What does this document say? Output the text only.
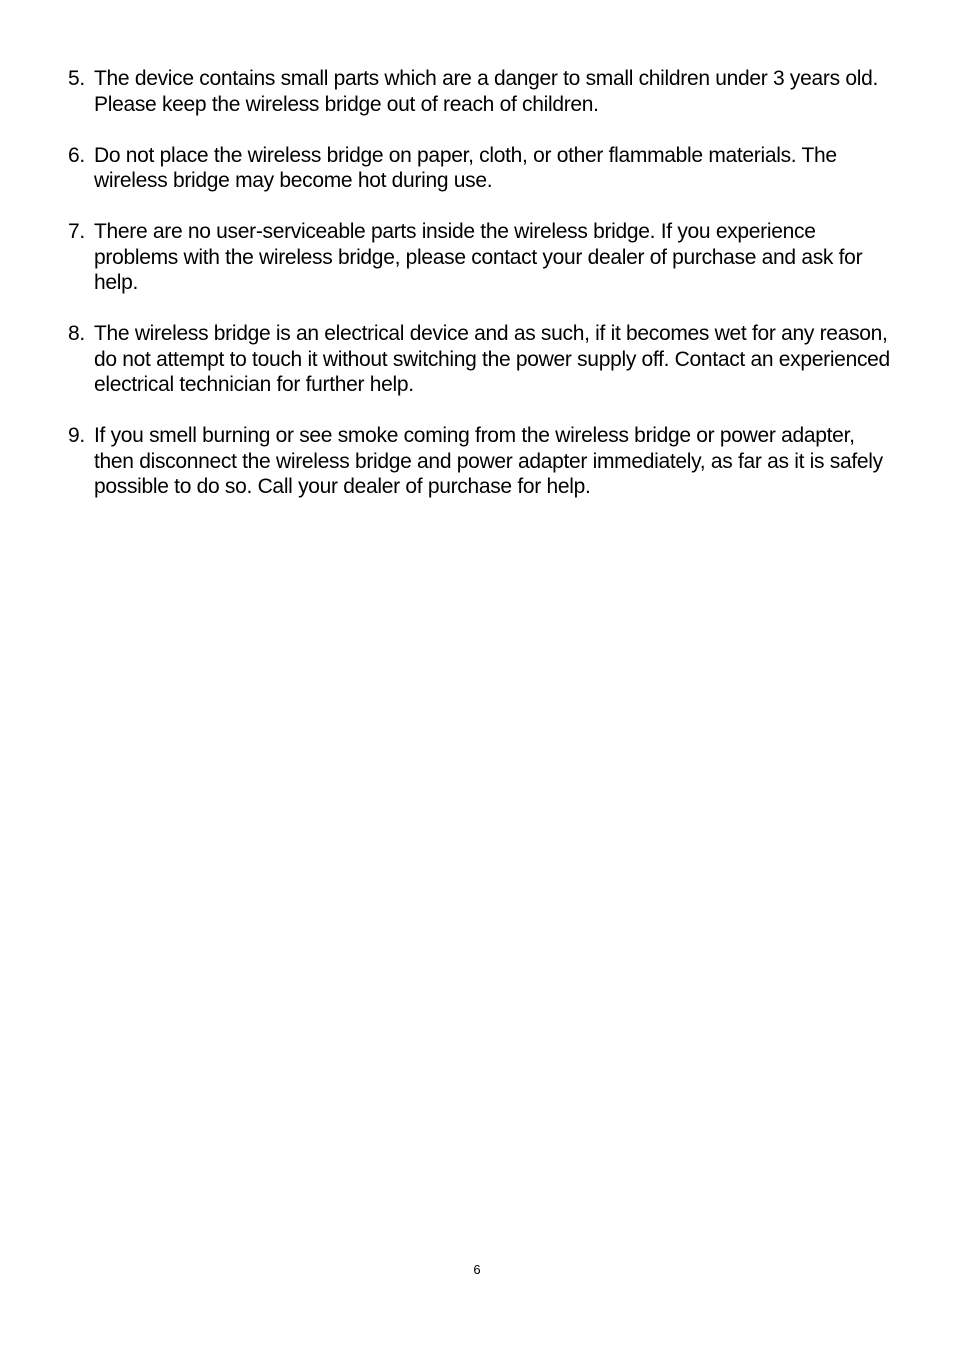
5. The device contains small parts which are a danger to small children under 3 years old. Please keep the wireless bridge out of reach of children.
6. Do not place the wireless bridge on paper, cloth, or other flammable materials. The wireless bridge may become hot during use.
7. There are no user-serviceable parts inside the wireless bridge. If you experience problems with the wireless bridge, please contact your dealer of purchase and ask for help.
8. The wireless bridge is an electrical device and as such, if it becomes wet for any reason, do not attempt to touch it without switching the power supply off. Contact an experienced electrical technician for further help.
9. If you smell burning or see smoke coming from the wireless bridge or power adapter, then disconnect the wireless bridge and power adapter immediately, as far as it is safely possible to do so. Call your dealer of purchase for help.
6
